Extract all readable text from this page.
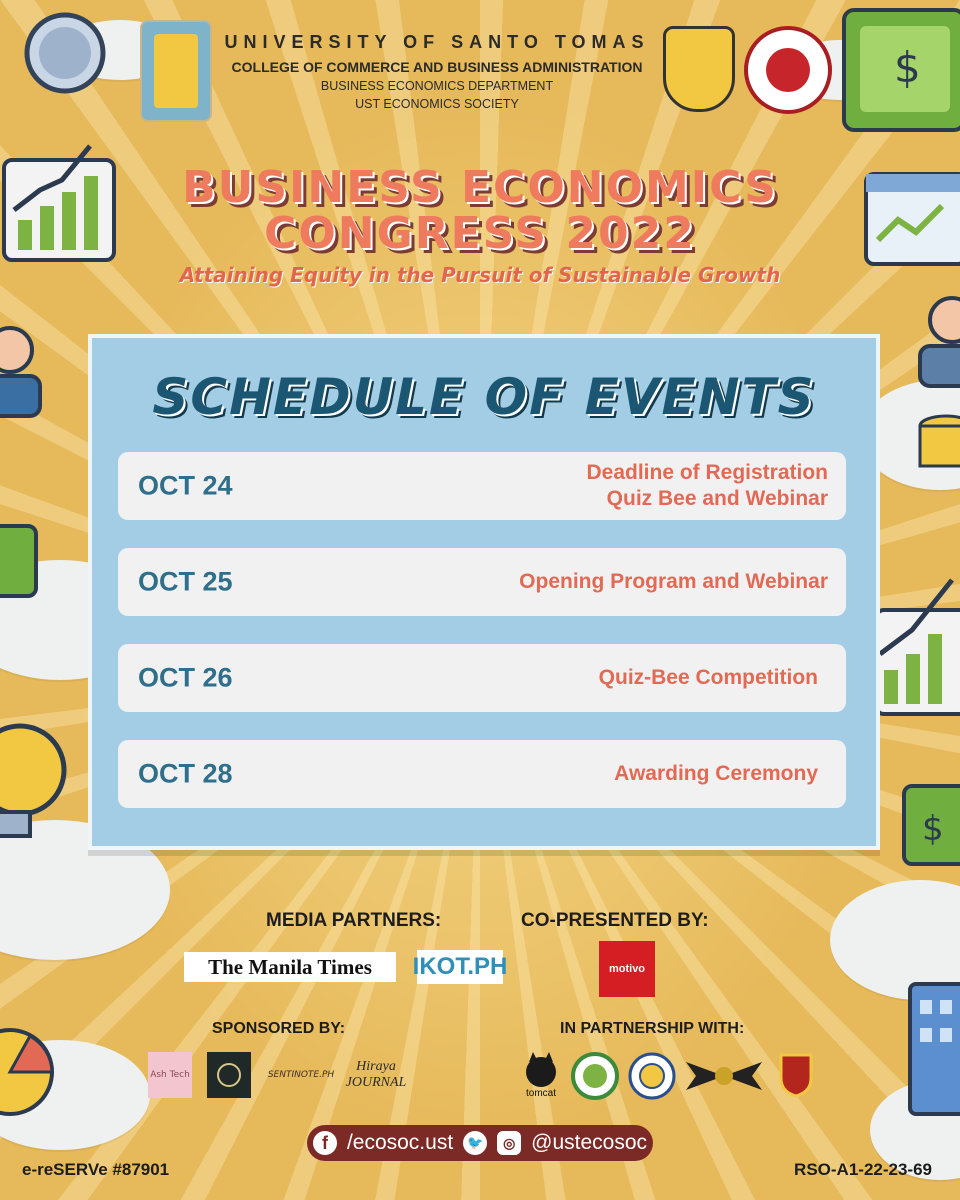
$
$
UNIVERSITY OF SANTO TOMAS
COLLEGE OF COMMERCE AND BUSINESS ADMINISTRATION
BUSINESS ECONOMICS DEPARTMENT
UST ECONOMICS SOCIETY
BUSINESS ECONOMICS
CONGRESS 2022
Attaining Equity in the Pursuit of Sustainable Growth
SCHEDULE OF EVENTS
OCT 24	Deadline of Registration
Quiz Bee and Webinar
OCT 25	Opening Program and Webinar
OCT 26	Quiz-Bee Competition
OCT 28	Awarding Ceremony
MEDIA PARTNERS:	CO-PRESENTED BY:
The Manila Times	IKOT.PH	motivo
SPONSORED BY:	IN PARTNERSHIP WITH:
Ash Tech	SENTINOTE.PH
Hiraya JOURNAL
tomcat
f /ecosoc.ust	🐦	◎ @ustecosoc
e-reSERVe #87901	RSO-A1-22-23-69
